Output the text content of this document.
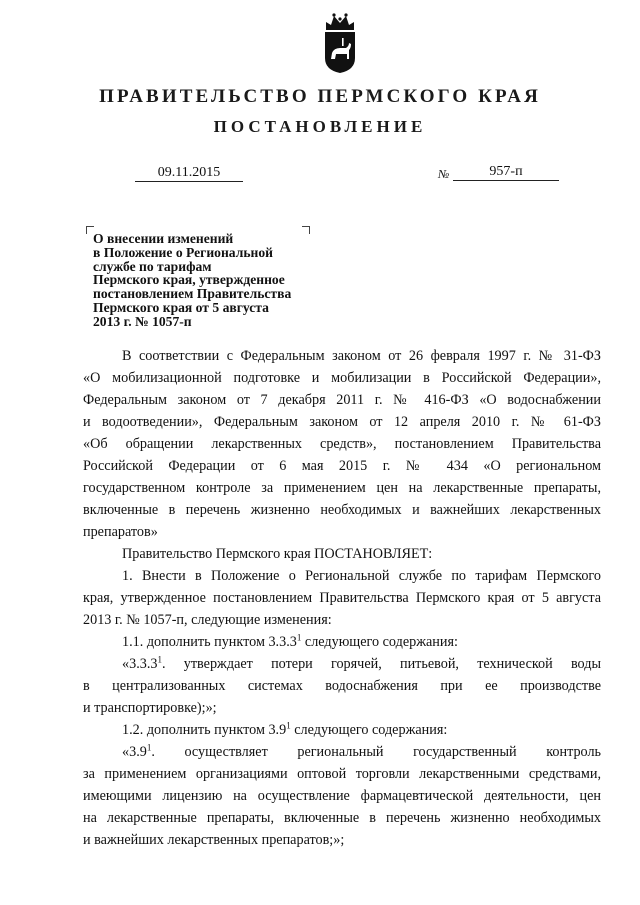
ПРАВИТЕЛЬСТВО ПЕРМСКОГО КРАЯ
ПОСТАНОВЛЕНИЕ
09.11.2015	№	957-п
О внесении изменений
в Положение о Региональной
службе по тарифам
Пермского края, утвержденное
постановлением Правительства
Пермского края от 5 августа
2013 г. № 1057-п
В соответствии с Федеральным законом от 26 февраля 1997 г. № 31-ФЗ
«О мобилизационной подготовке и мобилизации в Российской Федерации»,
Федеральным законом от 7 декабря 2011 г. № 416-ФЗ «О водоснабжении
и водоотведении», Федеральным законом от 12 апреля 2010 г. № 61-ФЗ
«Об обращении лекарственных средств», постановлением Правительства
Российской Федерации от 6 мая 2015 г. № 434 «О региональном
государственном контроле за применением цен на лекарственные препараты,
включенные в перечень жизненно необходимых и важнейших лекарственных
препаратов»
Правительство Пермского края ПОСТАНОВЛЯЕТ:
1. Внести в Положение о Региональной службе по тарифам Пермского
края, утвержденное постановлением Правительства Пермского края от 5 августа
2013 г. № 1057-п, следующие изменения:
1.1. дополнить пунктом 3.3.3$^1$ следующего содержания:
«3.3.3$^1$. утверждает потери горячей, питьевой, технической воды
в централизованных системах водоснабжения при ее производстве
и транспортировке);»;
1.2. дополнить пунктом $3.9^1$ следующего содержания:
«$3.9^1$. осуществляет региональный государственный контроль
за применением организациями оптовой торговли лекарственными средствами,
имеющими лицензию на осуществление фармацевтической деятельности, цен
на лекарственные препараты, включенные в перечень жизненно необходимых
и важнейших лекарственных препаратов;»;
